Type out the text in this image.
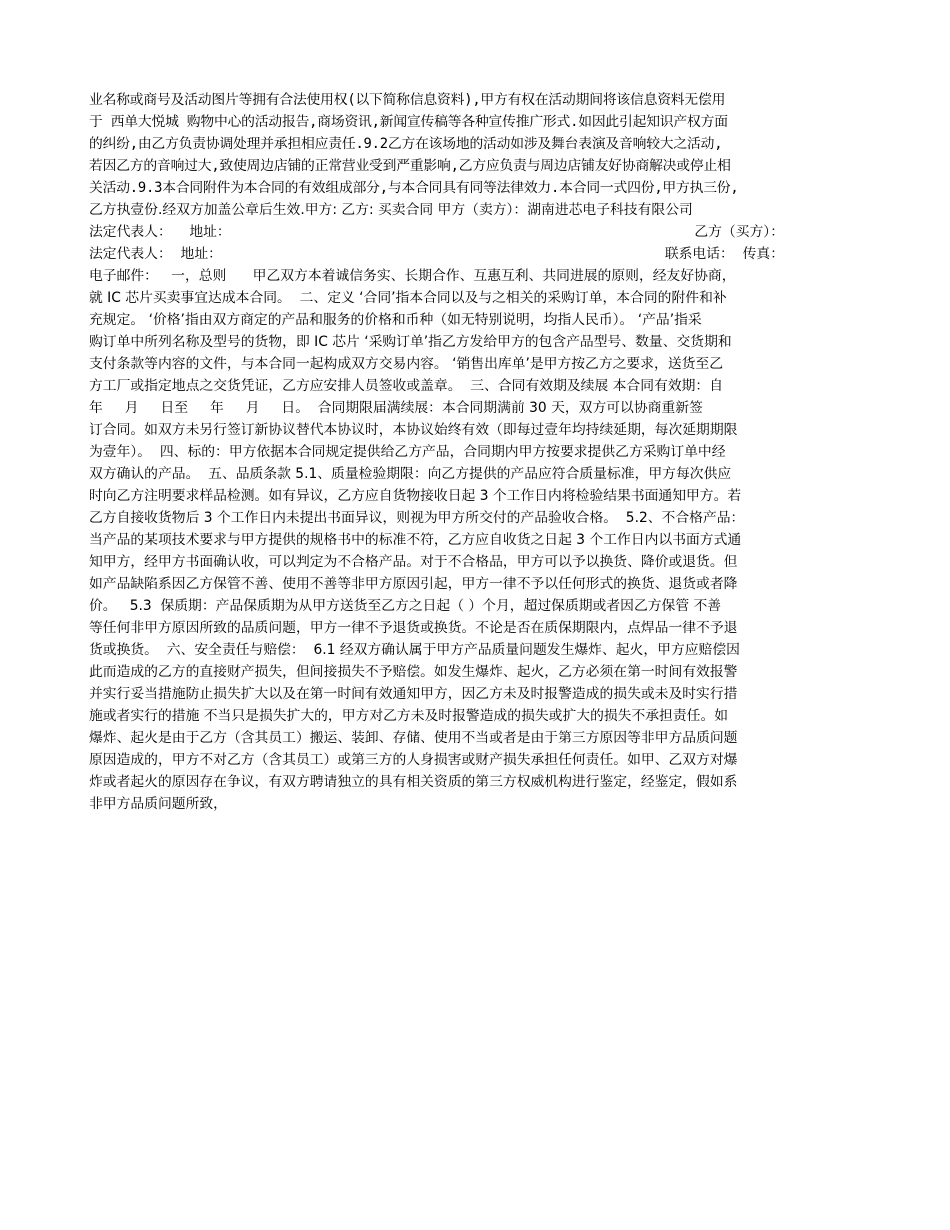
业名称或商号及活动图片等拥有合法使用权(以下简称信息资料),甲方有权在活动期间将该信息资料无偿用
于 西单大悦城 购物中心的活动报告,商场资讯,新闻宣传稿等各种宣传推广形式.如因此引起知识产权方面
的纠纷,由乙方负责协调处理并承担相应责任.9.2乙方在该场地的活动如涉及舞台表演及音响较大之活动,
若因乙方的音响过大,致使周边店铺的正常营业受到严重影响,乙方应负责与周边店铺友好协商解决或停止相
关活动.9.3本合同附件为本合同的有效组成部分,与本合同具有同等法律效力.本合同一式四份,甲方执三份,
乙方执壹份.经双方加盖公章后生效.甲方: 乙方: 买卖合同 甲方（卖方）：湖南进芯电子科技有限公司
法定代表人：    地址：	乙方（买方）：
法定代表人：  地址：	联系电话：  传真：
电子邮件：   一，总则      甲乙双方本着诚信务实、长期合作、互惠互利、共同进展的原则，经友好协商，
就 IC 芯片买卖事宜达成本合同。  二、定义 ‘合同’指本合同以及与之相关的采购订单，本合同的附件和补
充规定。 ‘价格’指由双方商定的产品和服务的价格和币种（如无特别说明，均指人民币）。 ‘产品’指采
购订单中所列名称及型号的货物，即 IC 芯片 ‘采购订单’指乙方发给甲方的包含产品型号、数量、交货期和
支付条款等内容的文件，与本合同一起构成双方交易内容。 ‘销售出库单’是甲方按乙方之要求，送货至乙
方工厂或指定地点之交货凭证，乙方应安排人员签收或盖章。  三、合同有效期及续展 本合同有效期：自
年     月     日至     年     月     日。  合同期限届满续展：本合同期满前 30 天，双方可以协商重新签
订合同。如双方未另行签订新协议替代本协议时，本协议始终有效（即每过壹年均持续延期，每次延期期限
为壹年）。  四、标的：甲方依据本合同规定提供给乙方产品，合同期内甲方按要求提供乙方采购订单中经
双方确认的产品。  五、品质条款 5.1、质量检验期限：向乙方提供的产品应符合质量标准，甲方每次供应
时向乙方注明要求样品检测。如有异议，乙方应自货物接收日起 3 个工作日内将检验结果书面通知甲方。若
乙方自接收货物后 3 个工作日内未提出书面异议，则视为甲方所交付的产品验收合格。  5.2、不合格产品：
当产品的某项技术要求与甲方提供的规格书中的标准不符，乙方应自收货之日起 3 个工作日内以书面方式通
知甲方，经甲方书面确认收，可以判定为不合格产品。对于不合格品，甲方可以予以换货、降价或退货。但
如产品缺陷系因乙方保管不善、使用不善等非甲方原因引起，甲方一律不予以任何形式的换货、退货或者降
价。   5.3  保质期：产品保质期为从甲方送货至乙方之日起（ ）个月，超过保质期或者因乙方保管 不善
等任何非甲方原因所致的品质问题，甲方一律不予退货或换货。不论是否在质保期限内，点焊品一律不予退
货或换货。  六、安全责任与赔偿：  6.1 经双方确认属于甲方产品质量问题发生爆炸、起火，甲方应赔偿因
此而造成的乙方的直接财产损失，但间接损失不予赔偿。如发生爆炸、起火，乙方必须在第一时间有效报警
并实行妥当措施防止损失扩大以及在第一时间有效通知甲方，因乙方未及时报警造成的损失或未及时实行措
施或者实行的措施 不当只是损失扩大的，甲方对乙方未及时报警造成的损失或扩大的损失不承担责任。如
爆炸、起火是由于乙方（含其员工）搬运、装卸、存储、使用不当或者是由于第三方原因等非甲方品质问题
原因造成的，甲方不对乙方（含其员工）或第三方的人身损害或财产损失承担任何责任。如甲、乙双方对爆
炸或者起火的原因存在争议，有双方聘请独立的具有相关资质的第三方权威机构进行鉴定，经鉴定，假如系
非甲方品质问题所致，
